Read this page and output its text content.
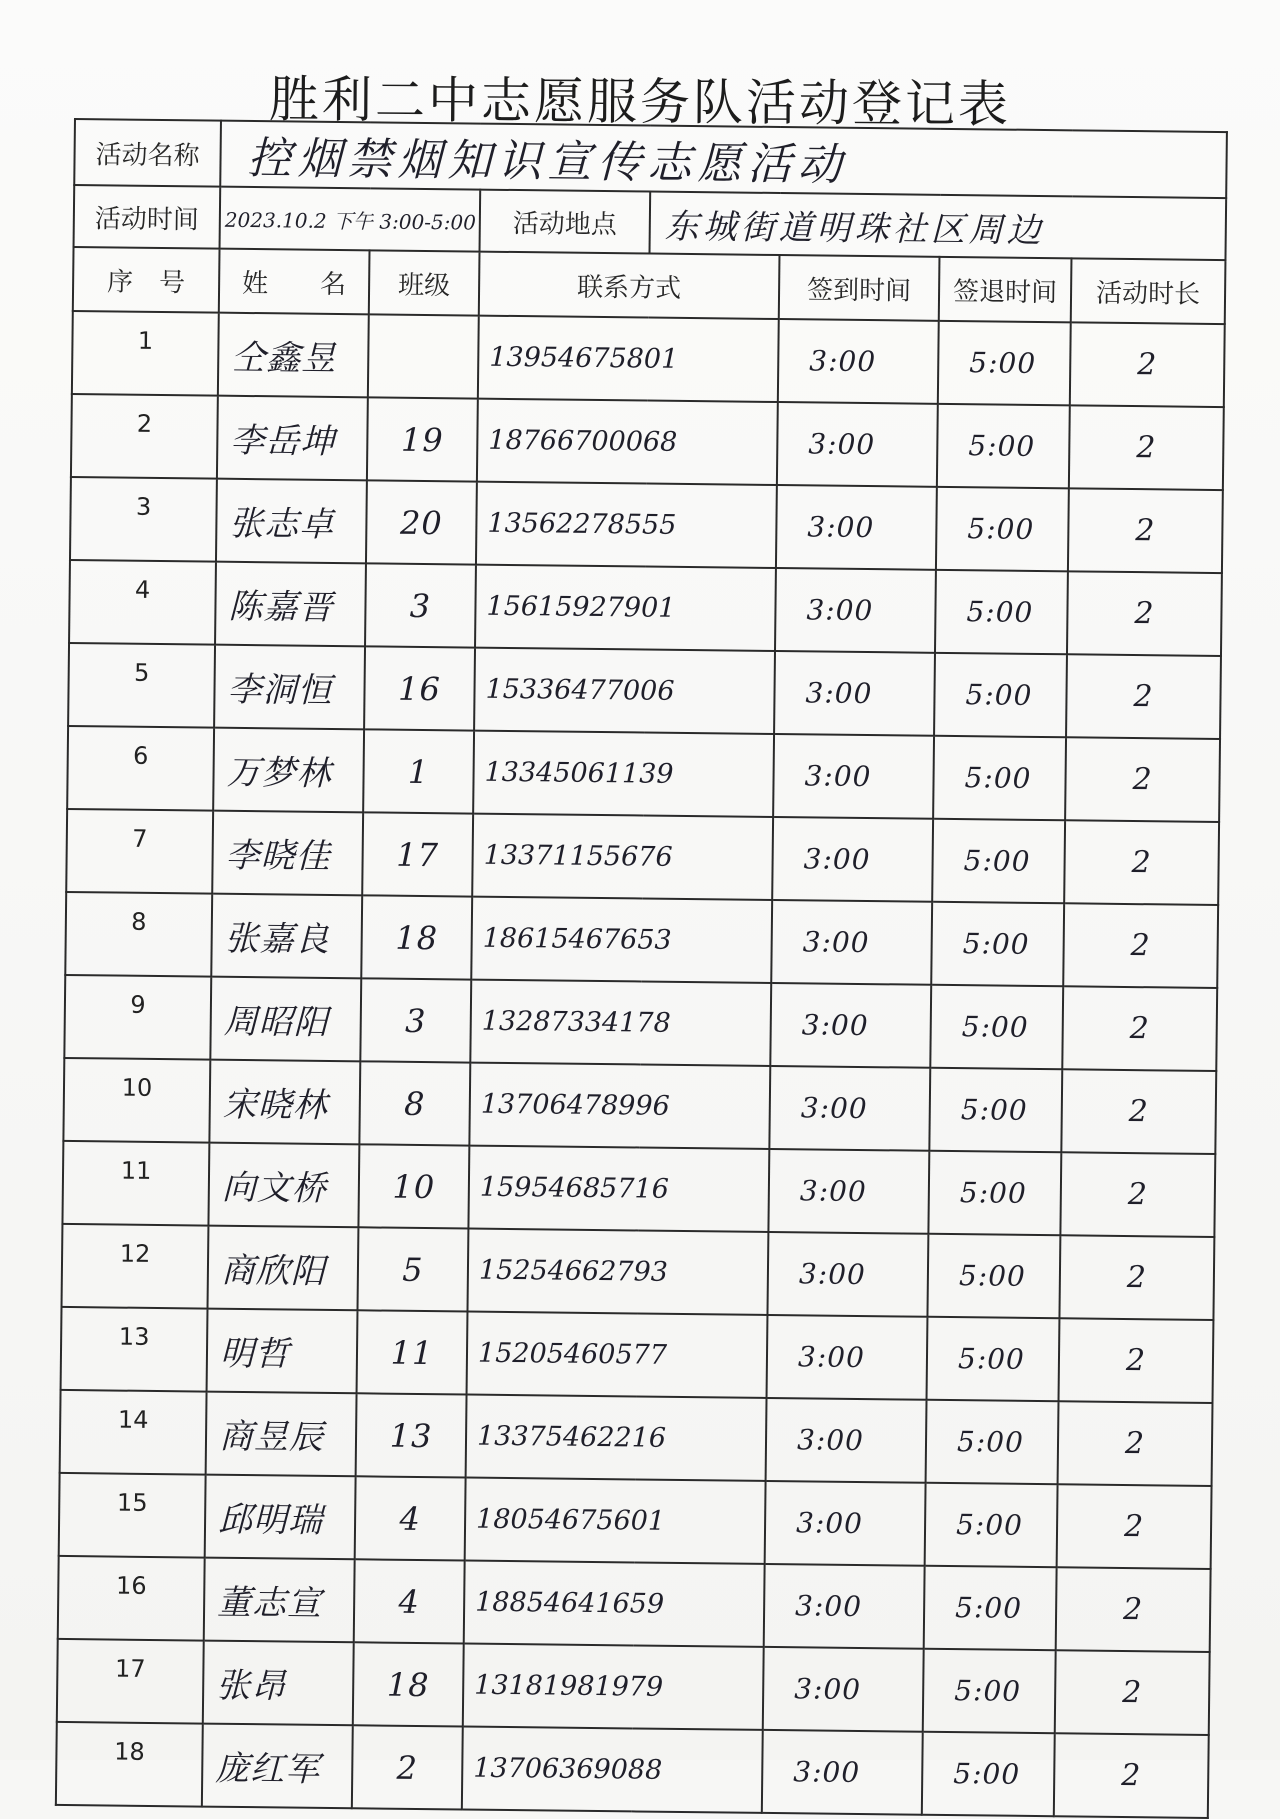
胜利二中志愿服务队活动登记表
活动名称	控烟禁烟知识宣传志愿活动						
活动时间	2023.10.2 下午 3:00-5:00		活动地点	东城街道明珠社区周边			
序　号	姓　　名	班级	联系方式		签到时间	签退时间	活动时长
1	仝鑫昱		13954675801		3:00	5:00	2
2	李岳坤	19	18766700068		3:00	5:00	2
3	张志卓	20	13562278555		3:00	5:00	2
4	陈嘉晋	3	15615927901		3:00	5:00	2
5	李洞恒	16	15336477006		3:00	5:00	2
6	万梦林	1	13345061139		3:00	5:00	2
7	李晓佳	17	13371155676		3:00	5:00	2
8	张嘉良	18	18615467653		3:00	5:00	2
9	周昭阳	3	13287334178		3:00	5:00	2
10	宋晓林	8	13706478996		3:00	5:00	2
11	向文桥	10	15954685716		3:00	5:00	2
12	商欣阳	5	15254662793		3:00	5:00	2
13	明哲	11	15205460577		3:00	5:00	2
14	商昱辰	13	13375462216		3:00	5:00	2
15	邱明瑞	4	18054675601		3:00	5:00	2
16	董志宣	4	18854641659		3:00	5:00	2
17	张昂	18	13181981979		3:00	5:00	2
18	庞红军	2	13706369088		3:00	5:00	2
